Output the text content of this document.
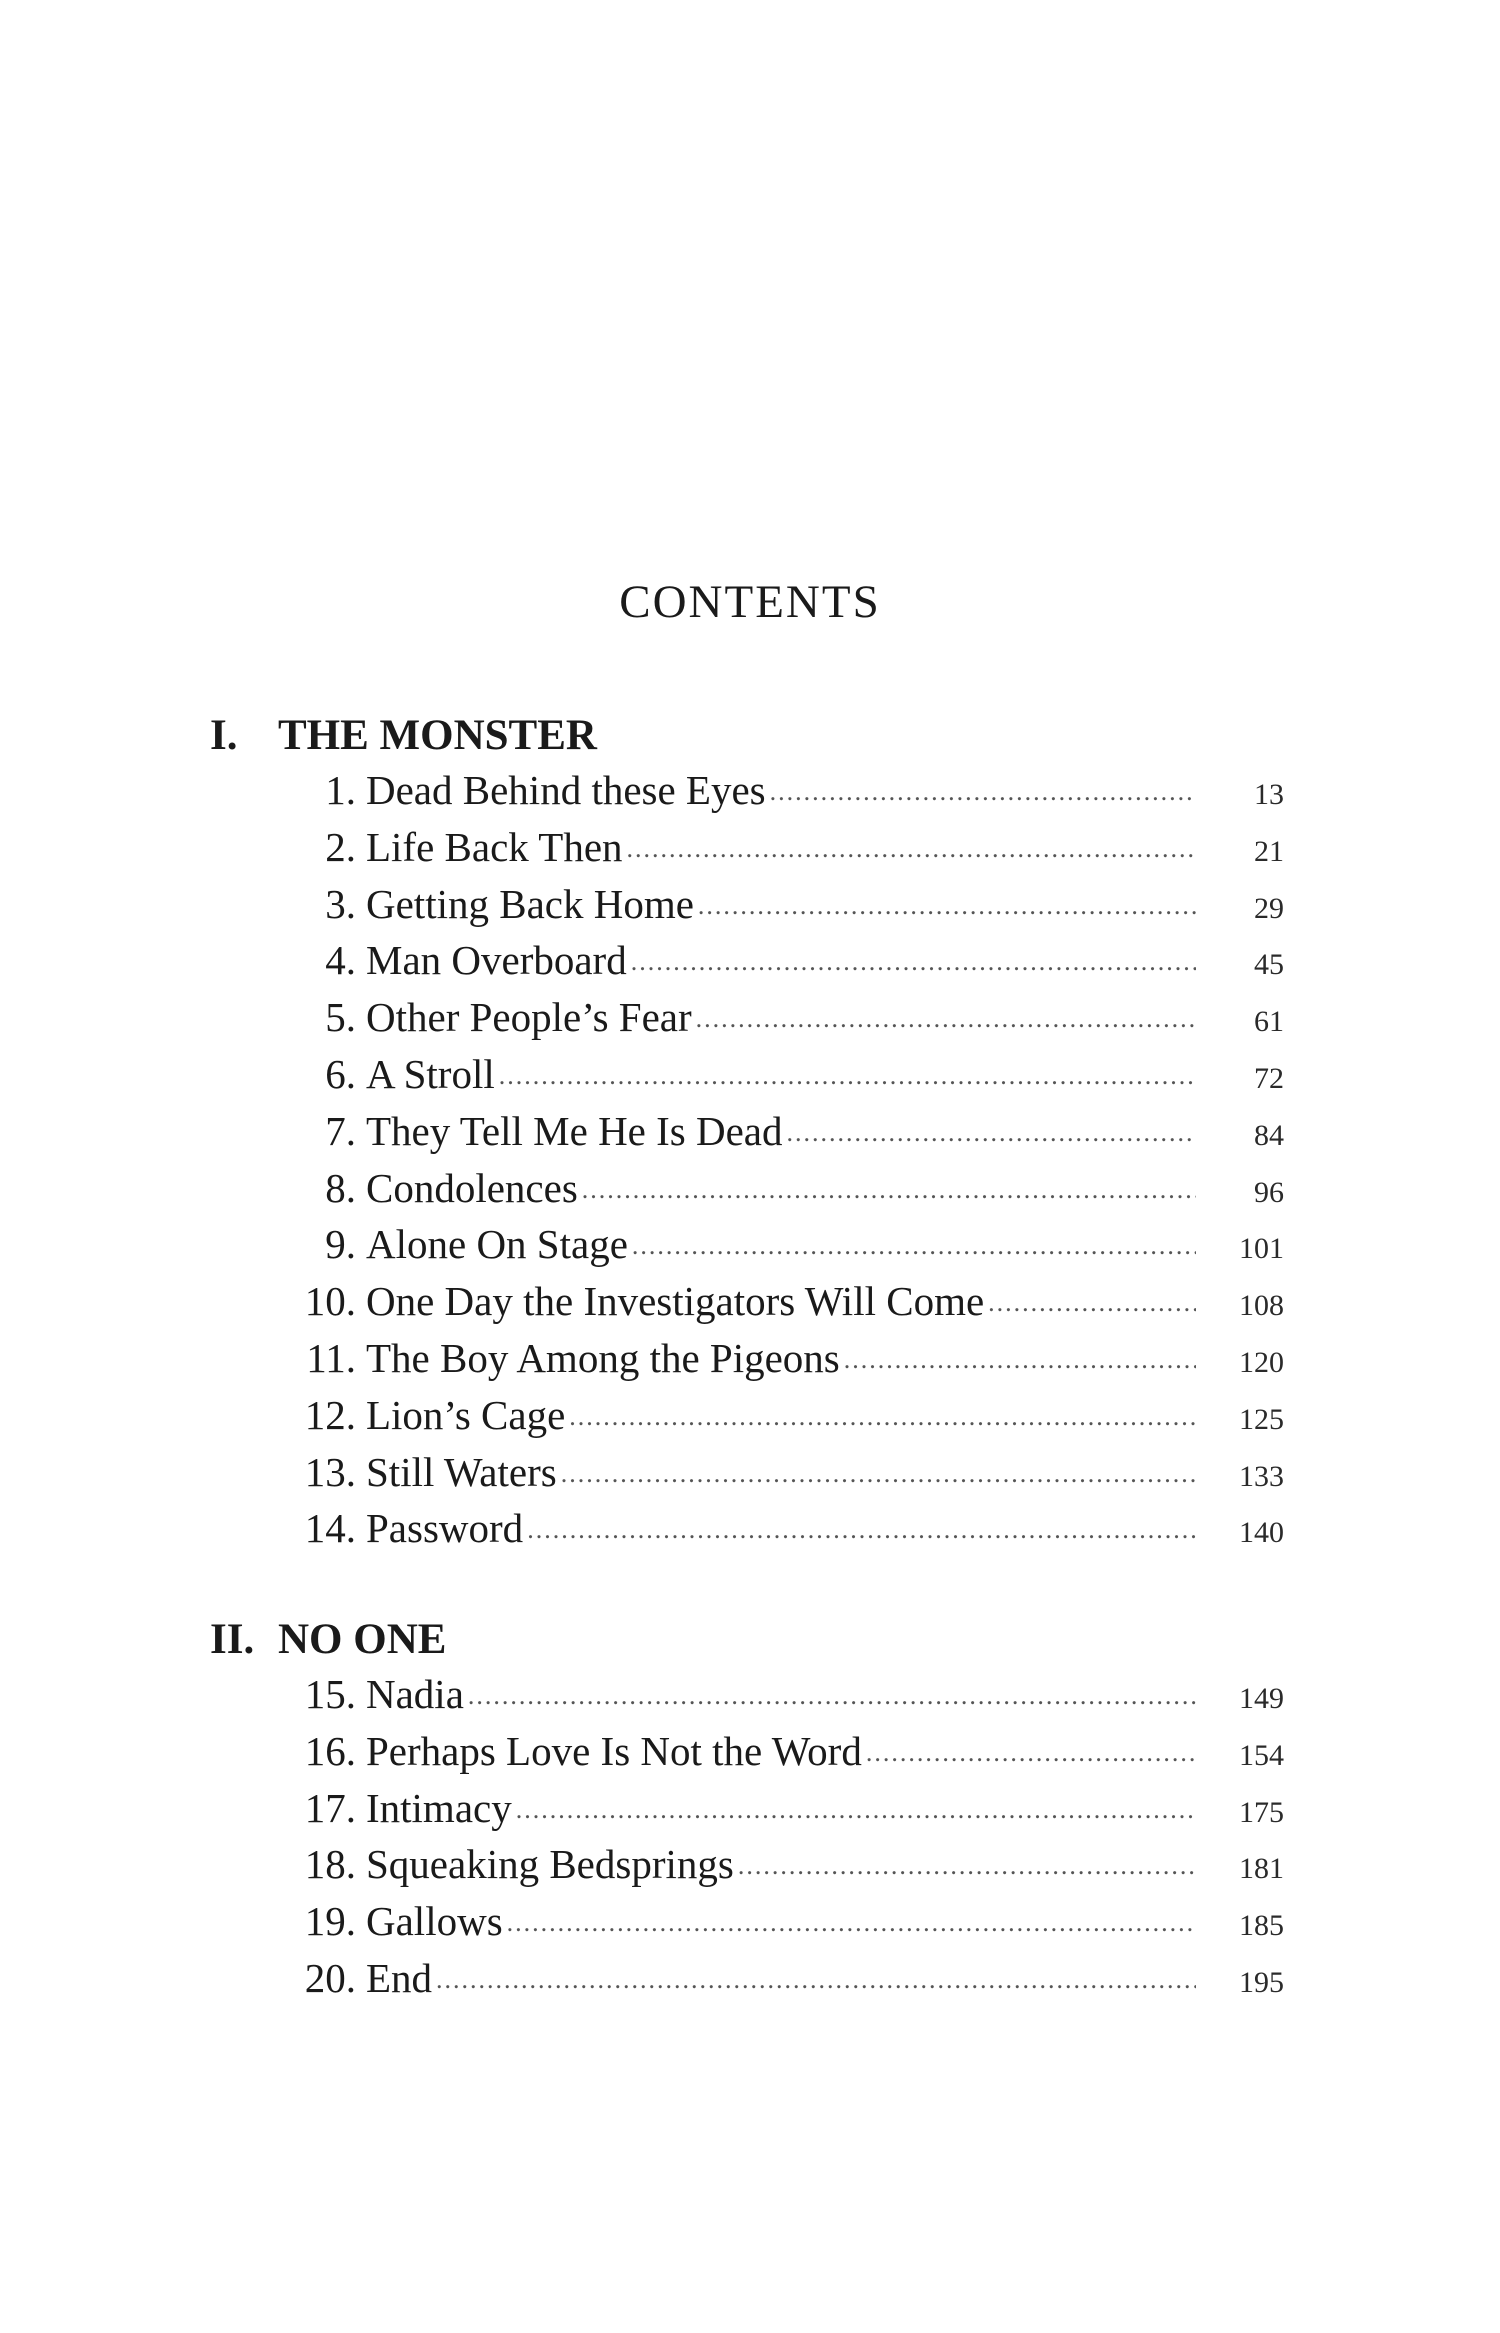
CONTENTS
I. THE MONSTER
1. Dead Behind these Eyes .....	13
2. Life Back Then .....	21
3. Getting Back Home .....	29
4. Man Overboard .....	45
5. Other People’s Fear .....	61
6. A Stroll .....	72
7. They Tell Me He Is Dead .....	84
8. Condolences .....	96
9. Alone On Stage .....	101
10. One Day the Investigators Will Come .....	108
11. The Boy Among the Pigeons .....	120
12. Lion’s Cage .....	125
13. Still Waters .....	133
14. Password .....	140
II. NO ONE
15. Nadia .....	149
16. Perhaps Love Is Not the Word .....	154
17. Intimacy .....	175
18. Squeaking Bedsprings .....	181
19. Gallows .....	185
20. End .....	195
